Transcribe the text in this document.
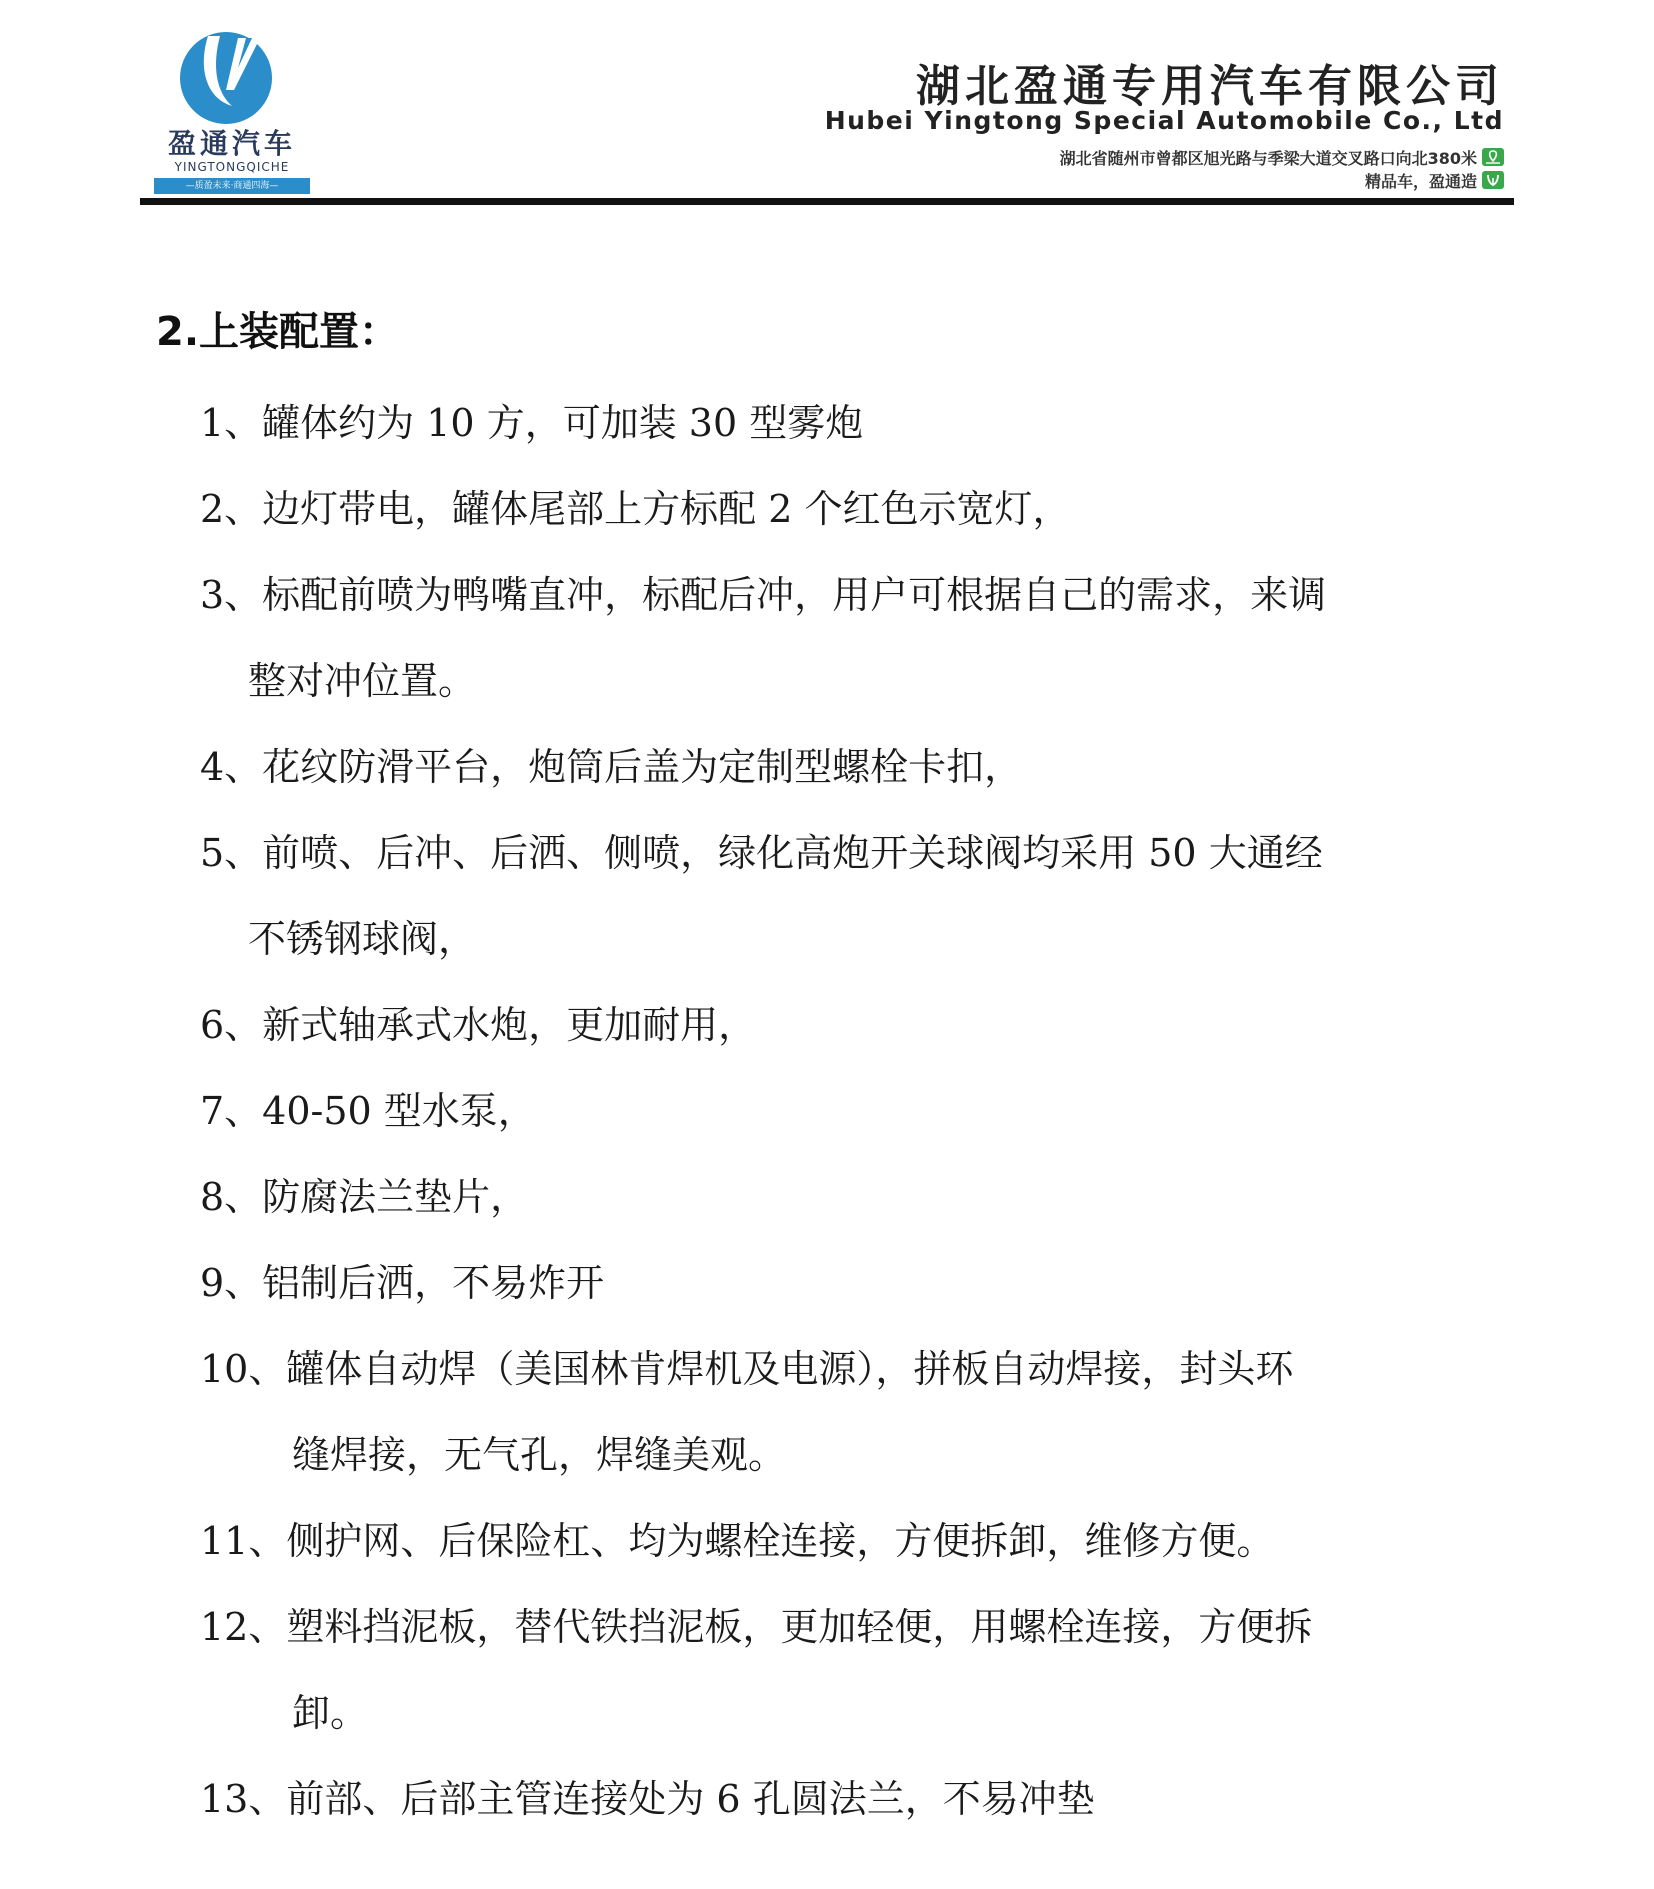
盈通汽车
YINGTONGQICHE
—质盈未来·商通四海—
湖北盈通专用汽车有限公司
Hubei Yingtong Special Automobile Co., Ltd
湖北省随州市曾都区旭光路与季梁大道交叉路口向北380米
精品车，盈通造
2.上装配置：
1、罐体约为 10 方，可加装 30 型雾炮
2、边灯带电，罐体尾部上方标配 2 个红色示宽灯，
3、标配前喷为鸭嘴直冲，标配后冲，用户可根据自己的需求，来调
整对冲位置。
4、花纹防滑平台，炮筒后盖为定制型螺栓卡扣，
5、前喷、后冲、后洒、侧喷，绿化高炮开关球阀均采用 50 大通经
不锈钢球阀，
6、新式轴承式水炮，更加耐用，
7、40-50 型水泵，
8、防腐法兰垫片，
9、铝制后洒，不易炸开
10、罐体自动焊（美国林肯焊机及电源），拼板自动焊接，封头环
缝焊接，无气孔，焊缝美观。
11、侧护网、后保险杠、均为螺栓连接，方便拆卸，维修方便。
12、塑料挡泥板，替代铁挡泥板，更加轻便，用螺栓连接，方便拆
卸。
13、前部、后部主管连接处为 6 孔圆法兰，不易冲垫
